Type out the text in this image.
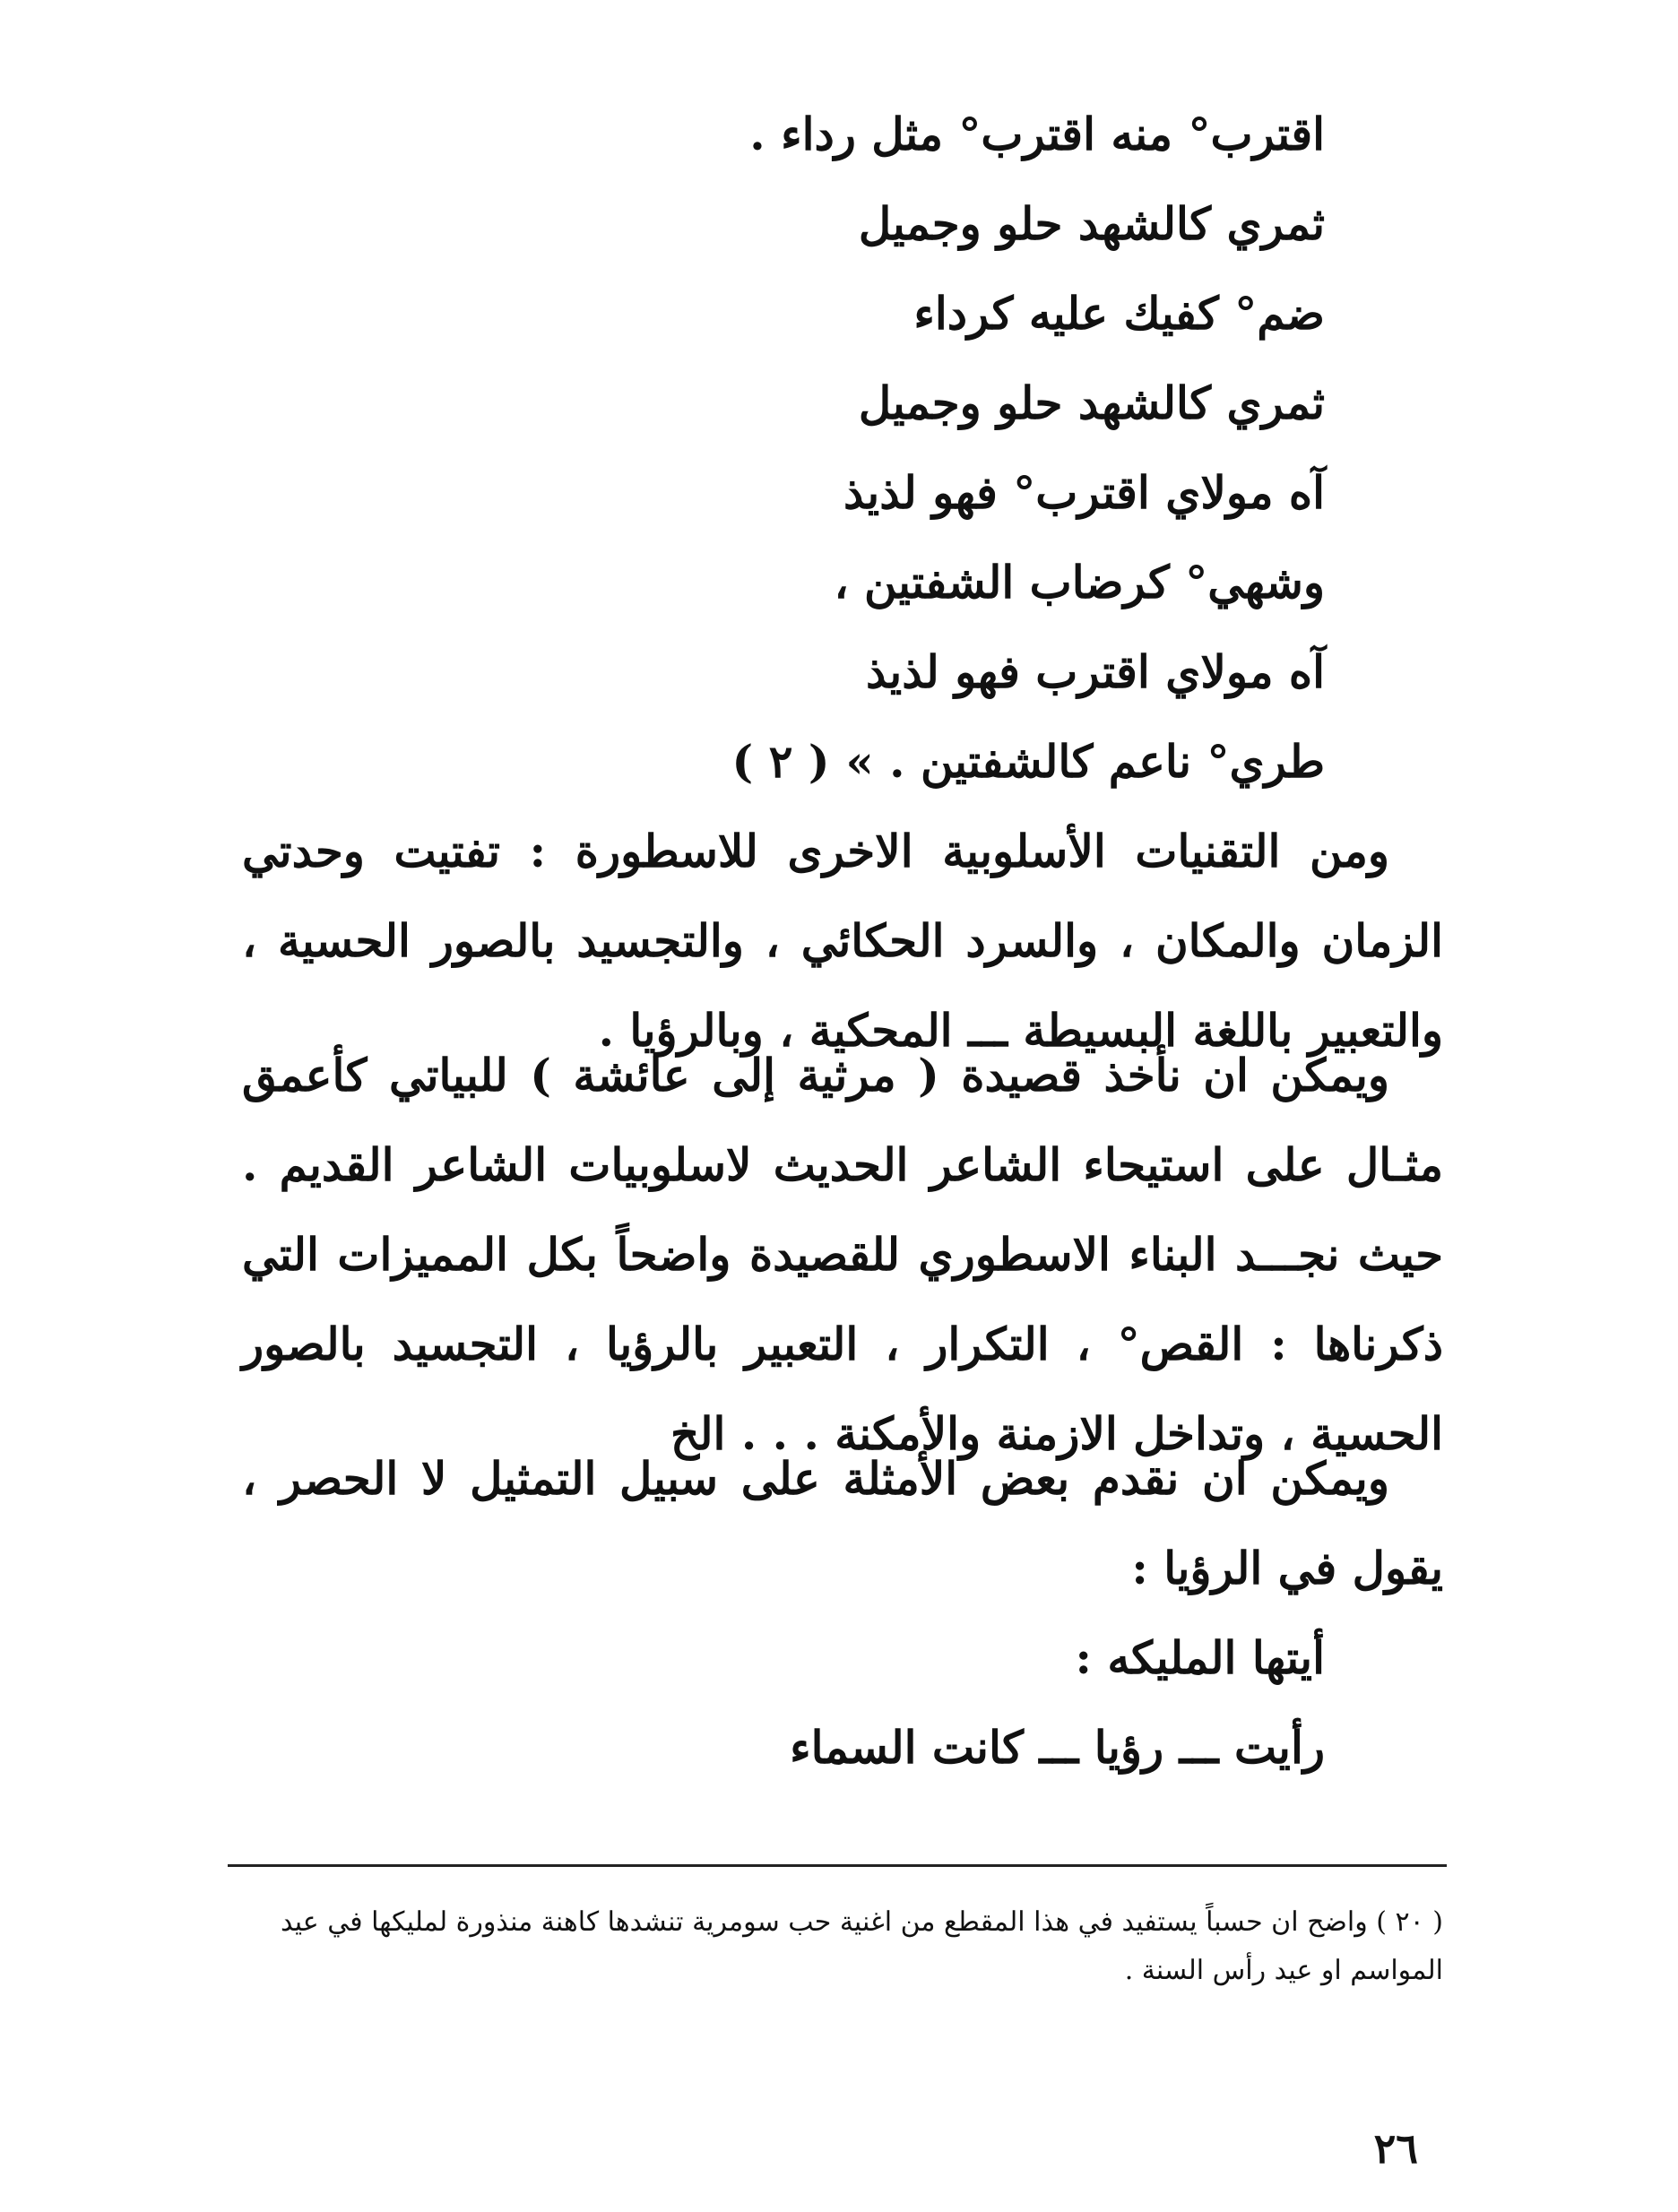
اقترب° منه اقترب° مثل رداء .
ثمري كالشهد حلو وجميل
ضم° كفيك عليه كرداء
ثمري كالشهد حلو وجميل
آه مولاي اقترب° فهو لذيذ
وشهي° كرضاب الشفتين ،
آه مولاي اقترب فهو لذيذ
طري° ناعم كالشفتين . »( ٢ )
ومن التقنيات الأسلوبية الاخرى للاسطورة : تفتيت وحدتي الزمان والمكان ، والسرد الحكائي ، والتجسيد بالصور الحسية ، والتعبير باللغة البسيطة ـــ المحكية ، وبالرؤيا .
ويمكن ان نأخذ قصيدة ( مرثية إلى عائشة ) للبياتي كأعمق مثـال على استيحاء الشاعر الحديث لاسلوبيات الشاعر القديم . حيث نجـــد البناء الاسطوري للقصيدة واضحاً بكل المميزات التي ذكرناها : القص° ، التكرار ، التعبير بالرؤيا ، التجسيد بالصور الحسية ، وتداخل الازمنة والأمكنة . . . الخ
ويمكن ان نقدم بعض الأمثلة على سبيل التمثيل لا الحصر ، يقول في الرؤيا :
أيتها المليكه :
رأيت ـــ رؤيا ـــ كانت السماء
( ٢٠ ) واضح ان حسباً يستفيد في هذا المقطع من اغنية حب سومرية تنشدها كاهنة منذورة لمليكها في عيد المواسم او عيد رأس السنة .
٢٦
